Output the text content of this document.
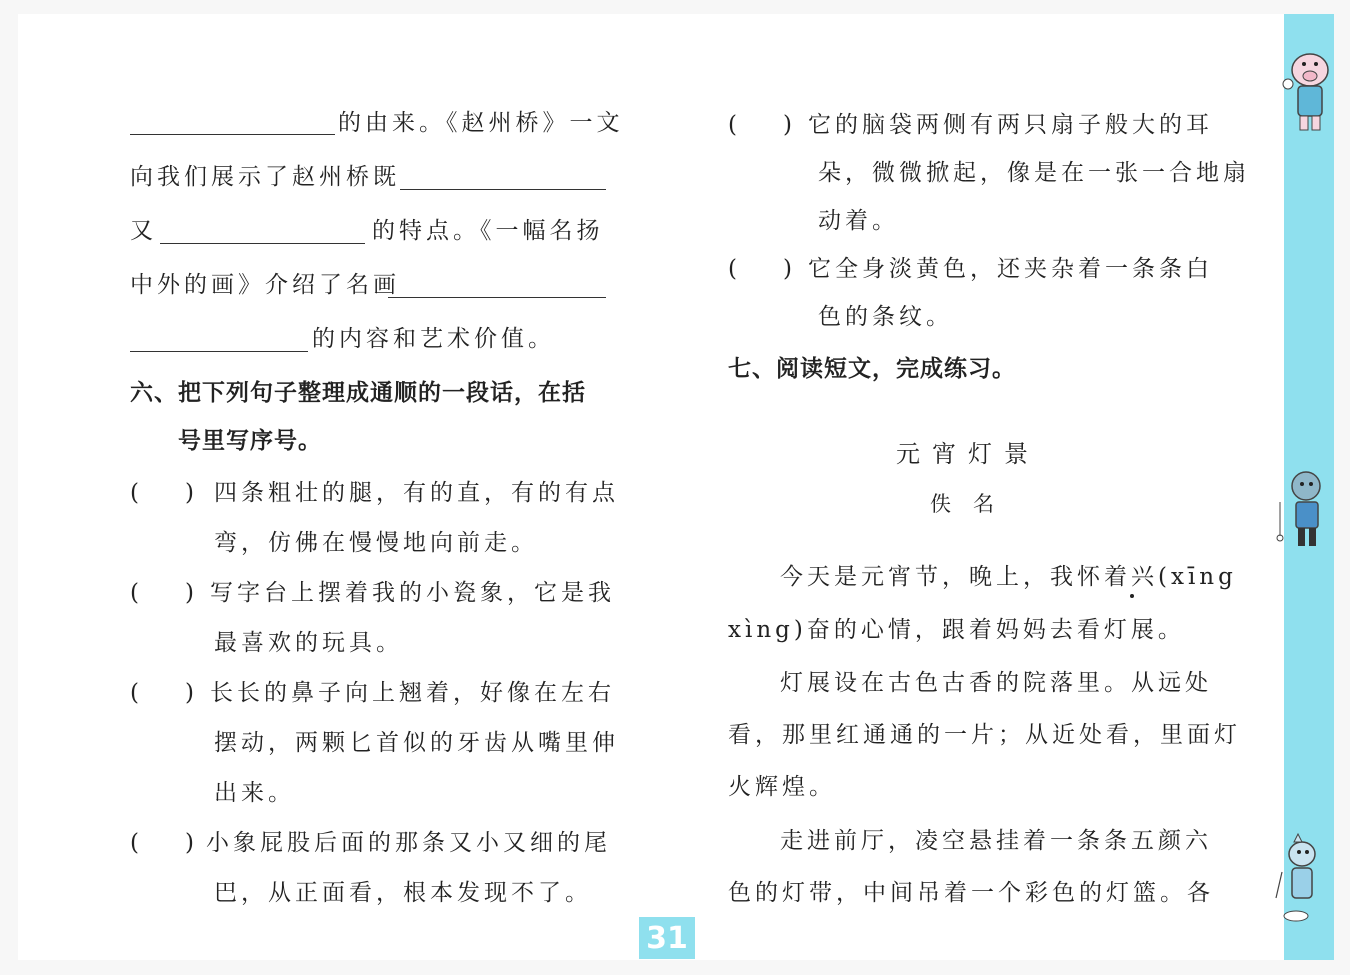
的由来。《赵州桥》一文
向我们展示了赵州桥既
又	的特点。《一幅名扬
中外的画》介绍了名画
的内容和艺术价值。
六、把下列句子整理成通顺的一段话，在括
号里写序号。
(　　) 四条粗壮的腿，有的直，有的有点
弯，仿佛在慢慢地向前走。
(　　) 写字台上摆着我的小瓷象，它是我
最喜欢的玩具。
(　　) 长长的鼻子向上翘着，好像在左右
摆动，两颗匕首似的牙齿从嘴里伸
出来。
(　　) 小象屁股后面的那条又小又细的尾
巴，从正面看，根本发现不了。
(　　) 它的脑袋两侧有两只扇子般大的耳
朵，微微掀起，像是在一张一合地扇
动着。
(　　) 它全身淡黄色，还夹杂着一条条白
色的条纹。
七、阅读短文，完成练习。
元宵灯景
佚名
今天是元宵节，晚上，我怀着兴(xīng
xìng)奋的心情，跟着妈妈去看灯展。
灯展设在古色古香的院落里。从远处
看，那里红通通的一片；从近处看，里面灯
火辉煌。
走进前厅，凌空悬挂着一条条五颜六
色的灯带，中间吊着一个彩色的灯篮。各
31
